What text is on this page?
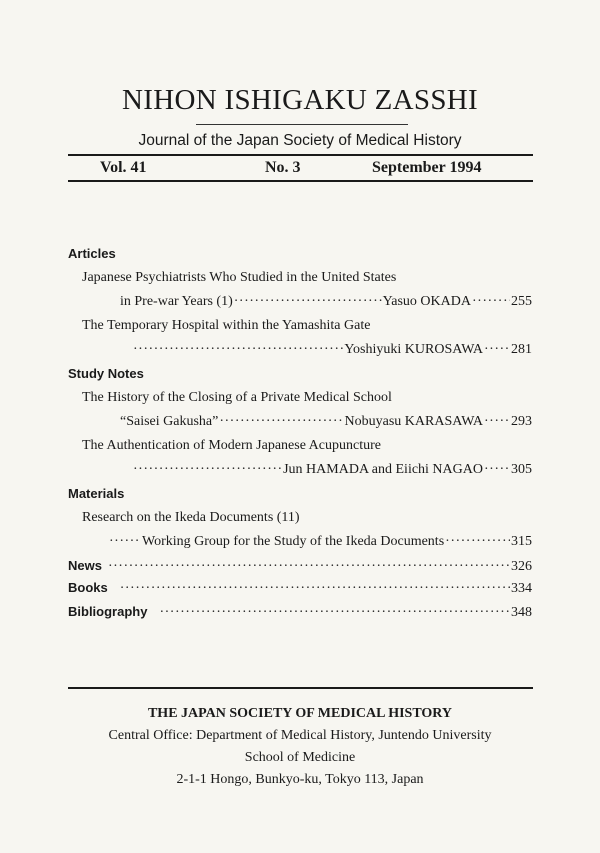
NIHON ISHIGAKU ZASSHI
Journal of the Japan Society of Medical History
Vol. 41	No. 3	September 1994
Articles
Japanese Psychiatrists Who Studied in the United States
in Pre-war Years (1) ·····	Yasuo OKADA ·····	255
The Temporary Hospital within the Yamashita Gate
·····
Yoshiyuki KUROSAWA ····· 281
Study Notes
The History of the Closing of a Private Medical School
“Saisei Gakusha” ·····	Nobuyasu KARASAWA ····· 293
The Authentication of Modern Japanese Acupuncture
·····
Jun HAMADA and Eiichi NAGAO ····· 305
Materials
Research on the Ikeda Documents (11)
·····
Working Group for the Study of the Ikeda Documents ·····	315
News ·····	326
Books ·····	334
Bibliography ·····	348
THE JAPAN SOCIETY OF MEDICAL HISTORY
Central Office: Department of Medical History, Juntendo University
School of Medicine
2-1-1 Hongo, Bunkyo-ku, Tokyo 113, Japan
